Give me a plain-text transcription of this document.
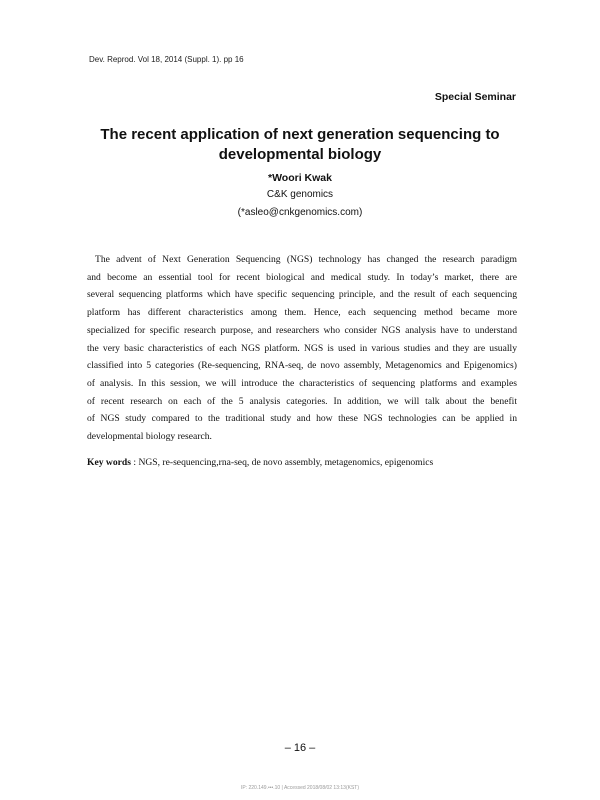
Dev. Reprod. Vol 18, 2014 (Suppl. 1). pp 16
Special Seminar
The recent application of next generation sequencing to
developmental biology
*Woori Kwak
C&K genomics
(*asleo@cnkgenomics.com)

The advent of Next Generation Sequencing (NGS) technology has changed the research paradigm
and become an essential tool for recent biological and medical study. In today’s market, there are
several sequencing platforms which have specific sequencing principle, and the result of each sequencing
platform has different characteristics among them. Hence, each sequencing method became more
specialized for specific research purpose, and researchers who consider NGS analysis have to understand
the very basic characteristics of each NGS platform. NGS is used in various studies and they are usually
classified into 5 categories (Re-sequencing, RNA-seq, de novo assembly, Metagenomics and Epigenomics)
of analysis. In this session, we will introduce the characteristics of sequencing platforms and examples
of recent research on each of the 5 analysis categories. In addition, we will talk about the benefit
of NGS study compared to the traditional study and how these NGS technologies can be applied in
developmental biology research.

Key words : NGS, re-sequencing,rna-seq, de novo assembly, metagenomics, epigenomics
– 16 –
IP: 220.149.•••.10 | Accessed 2018/08/02 13:13(KST)
